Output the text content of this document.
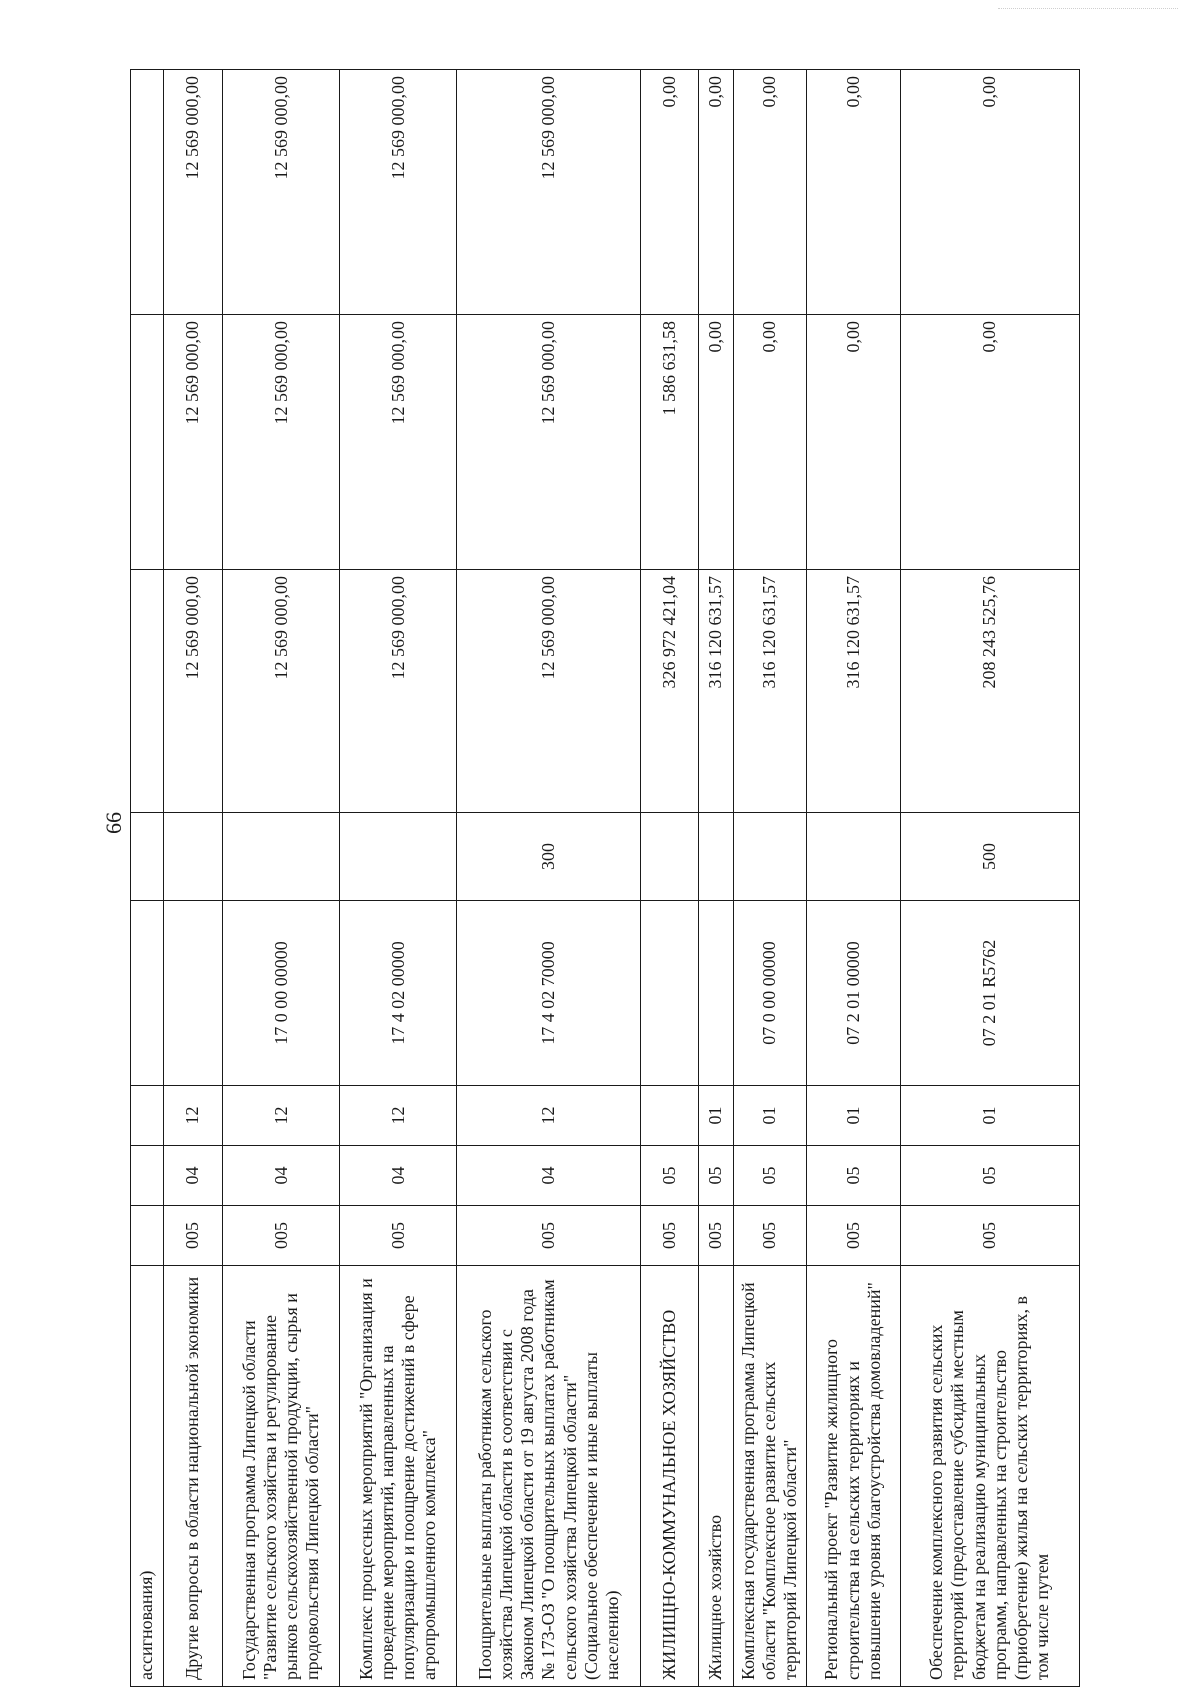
66
ассигнования)								
Другие вопросы в области национальной экономики	005	04	12			12 569 000,00	12 569 000,00	12 569 000,00
Государственная программа Липецкой области "Развитие сельского хозяйства и регулирование рынков сельскохозяйственной продукции, сырья и продовольствия Липецкой области"	005	04	12	17 0 00 00000		12 569 000,00	12 569 000,00	12 569 000,00
Комплекс процессных мероприятий "Организация и проведение мероприятий, направленных на популяризацию и поощрение достижений в сфере агропромышленного комплекса"	005	04	12	17 4 02 00000		12 569 000,00	12 569 000,00	12 569 000,00
Поощрительные выплаты работникам сельского хозяйства Липецкой области в соответствии с Законом Липецкой области от 19 августа 2008 года № 173-ОЗ "О поощрительных выплатах работникам сельского хозяйства Липецкой области" (Социальное обеспечение и иные выплаты населению)	005	04	12	17 4 02 70000	300	12 569 000,00	12 569 000,00	12 569 000,00
ЖИЛИЩНО-КОММУНАЛЬНОЕ ХОЗЯЙСТВО	005	05				326 972 421,04	1 586 631,58	0,00
Жилищное хозяйство	005	05	01			316 120 631,57	0,00	0,00
Комплексная государственная программа Липецкой области "Комплексное развитие сельских территорий Липецкой области"	005	05	01	07 0 00 00000		316 120 631,57	0,00	0,00
Региональный проект "Развитие жилищного строительства на сельских территориях и повышение уровня благоустройства домовладений"	005	05	01	07 2 01 00000		316 120 631,57	0,00	0,00
Обеспечение комплексного развития сельских территорий (предоставление субсидий местным бюджетам на реализацию муниципальных программ, направленных на строительство (приобретение) жилья на сельских территориях, в том числе путем	005	05	01	07 2 01 R5762	500	208 243 525,76	0,00	0,00
